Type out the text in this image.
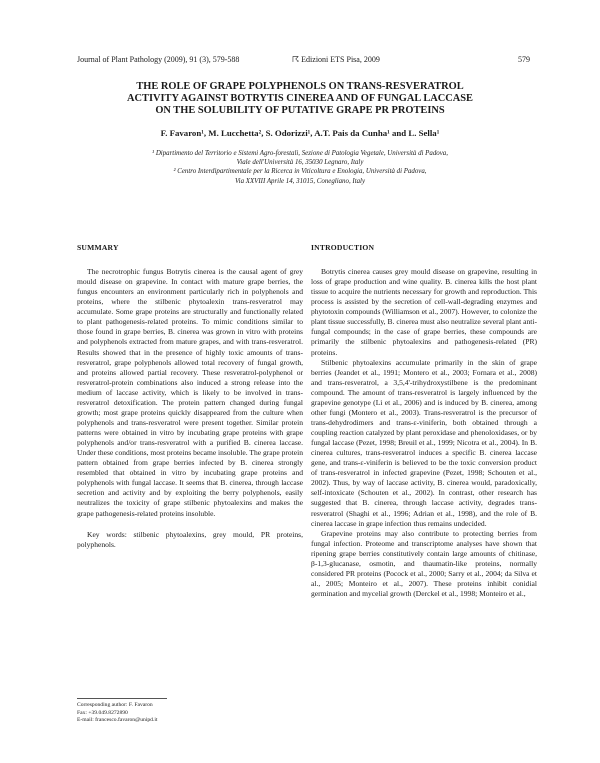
Journal of Plant Pathology (2009), 91 (3), 579-588	☈ Edizioni ETS Pisa, 2009	579
THE ROLE OF GRAPE POLYPHENOLS ON TRANS-RESVERATROL
ACTIVITY AGAINST BOTRYTIS CINEREA AND OF FUNGAL LACCASE
ON THE SOLUBILITY OF PUTATIVE GRAPE PR PROTEINS
F. Favaron¹, M. Lucchetta², S. Odorizzi¹, A.T. Pais da Cunha¹ and L. Sella¹
¹ Dipartimento del Territorio e Sistemi Agro-forestali, Sezione di Patologia Vegetale, Università di Padova,
Viale dell'Università 16, 35030 Legnaro, Italy
² Centro Interdipartimentale per la Ricerca in Viticoltura e Enologia, Università di Padova,
Via XXVIII Aprile 14, 31015, Conegliano, Italy
SUMMARY

The necrotrophic fungus Botrytis cinerea is the causal agent of grey mould disease on grapevine. In contact with mature grape berries, the fungus encounters an environment particularly rich in polyphenols and proteins, where the stilbenic phytoalexin trans-resveratrol may accumulate. Some grape proteins are structurally and functionally related to plant pathogenesis-related proteins. To mimic conditions similar to those found in grape berries, B. cinerea was grown in vitro with proteins and polyphenols extracted from mature grapes, and with trans-resveratrol. Results showed that in the presence of highly toxic amounts of trans-resveratrol, grape polyphenols allowed total recovery of fungal growth, and proteins allowed partial recovery. These resveratrol-polyphenol or resveratrol-protein combinations also induced a strong release into the medium of laccase activity, which is likely to be involved in trans-resveratrol detoxification. The protein pattern changed during fungal growth; most grape proteins quickly disappeared from the culture when polyphenols and trans-resveratrol were present together. Similar protein patterns were obtained in vitro by incubating grape proteins with grape polyphenols and/or trans-resveratrol with a purified B. cinerea laccase. Under these conditions, most proteins became insoluble. The grape protein pattern obtained from grape berries infected by B. cinerea strongly resembled that obtained in vitro by incubating grape proteins and polyphenols with fungal laccase. It seems that B. cinerea, through laccase secretion and activity and by exploiting the berry polyphenols, easily neutralizes the toxicity of grape stilbenic phytoalexins and makes the grape pathogenesis-related proteins insoluble.

Key words: stilbenic phytoalexins, grey mould, PR proteins, polyphenols.

Corresponding author: F. Favaron
Fax: +39.049.8272890
E-mail: francesco.favaron@unipd.it
INTRODUCTION

Botrytis cinerea causes grey mould disease on grapevine, resulting in loss of grape production and wine quality. B. cinerea kills the host plant tissue to acquire the nutrients necessary for growth and reproduction. This process is assisted by the secretion of cell-wall-degrading enzymes and phytotoxin compounds (Williamson et al., 2007). However, to colonize the plant tissue successfully, B. cinerea must also neutralize several plant anti-fungal compounds; in the case of grape berries, these compounds are primarily the stilbenic phytoalexins and pathogenesis-related (PR) proteins.

Stilbenic phytoalexins accumulate primarily in the skin of grape berries (Jeandet et al., 1991; Montero et al., 2003; Fornara et al., 2008) and trans-resveratrol, a 3,5,4'-trihydroxystilbene is the predominant compound. The amount of trans-resveratrol is largely influenced by the grapevine genotype (Li et al., 2006) and is induced by B. cinerea, among other fungi (Montero et al., 2003). Trans-resveratrol is the precursor of trans-dehydrodimers and trans-ε-viniferin, both obtained through a coupling reaction catalyzed by plant peroxidase and phenoloxidases, or by fungal laccase (Pezet, 1998; Breuil et al., 1999; Nicotra et al., 2004). In B. cinerea cultures, trans-resveratrol induces a specific B. cinerea laccase gene, and trans-ε-viniferin is believed to be the toxic conversion product of trans-resveratrol in infected grapevine (Pezet, 1998; Schouten et al., 2002). Thus, by way of laccase activity, B. cinerea would, paradoxically, self-intoxicate (Schouten et al., 2002). In contrast, other research has suggested that B. cinerea, through laccase activity, degrades trans-resveratrol (Shaghi et al., 1996; Adrian et al., 1998), and the role of B. cinerea laccase in grape infection thus remains undecided.

Grapevine proteins may also contribute to protecting berries from fungal infection. Proteome and transcriptome analyses have shown that ripening grape berries constitutively contain large amounts of chitinase, β-1,3-glucanase, osmotin, and thaumatin-like proteins, normally considered PR proteins (Pocock et al., 2000; Sarry et al., 2004; da Silva et al., 2005; Monteiro et al., 2007). These proteins inhibit conidial germination and mycelial growth (Derckel et al., 1998; Monteiro et al.,
